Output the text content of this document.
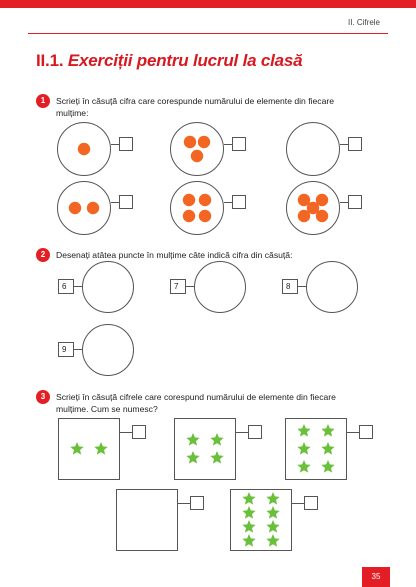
II. Cifrele
II.1. Exerciții pentru lucrul la clasă
1	Scrieți în căsuță cifra care corespunde numărului de elemente din fiecare
mulțime:
2	Desenați atâtea puncte în mulțime câte indică cifra din căsuță:
6	7	8
9
3	Scrieți în căsuță cifrele care corespund numărului de elemente din fiecare
mulțime. Cum se numesc?
35
